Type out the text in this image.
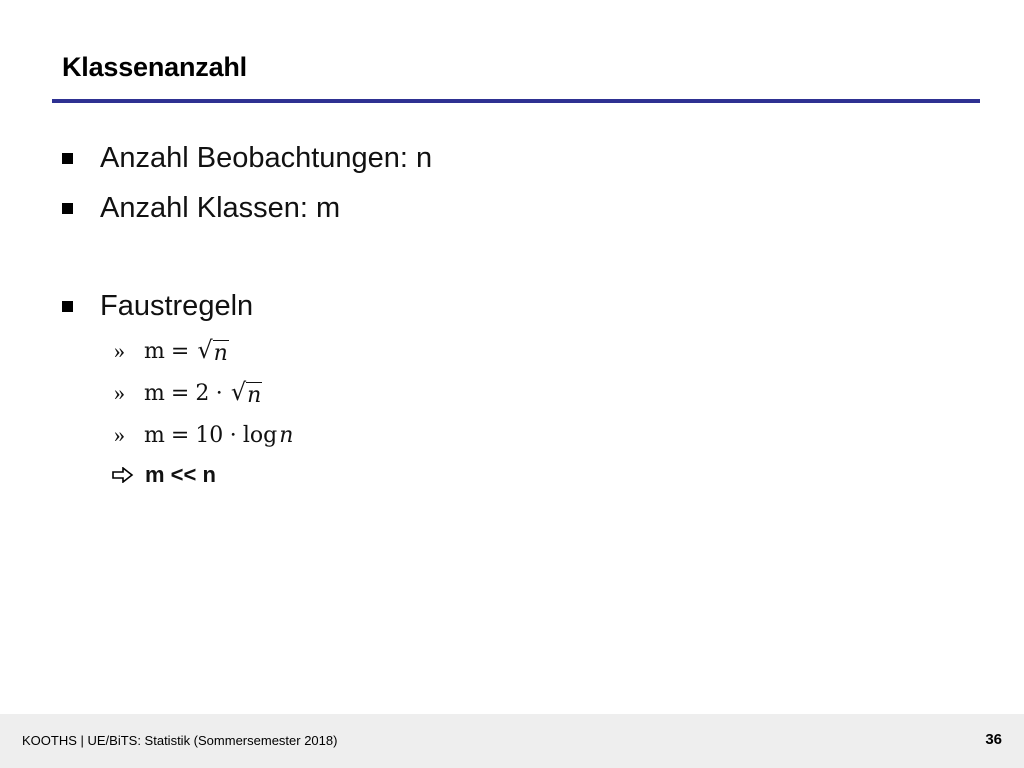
Klassenanzahl
Anzahl Beobachtungen: n
Anzahl Klassen: m
Faustregeln
» m = √ n
» m = 2 ⋅ √ n
» m = 10 ⋅ log n
m << n
KOOTHS | UE/BiTS: Statistik (Sommersemester 2018)	36
